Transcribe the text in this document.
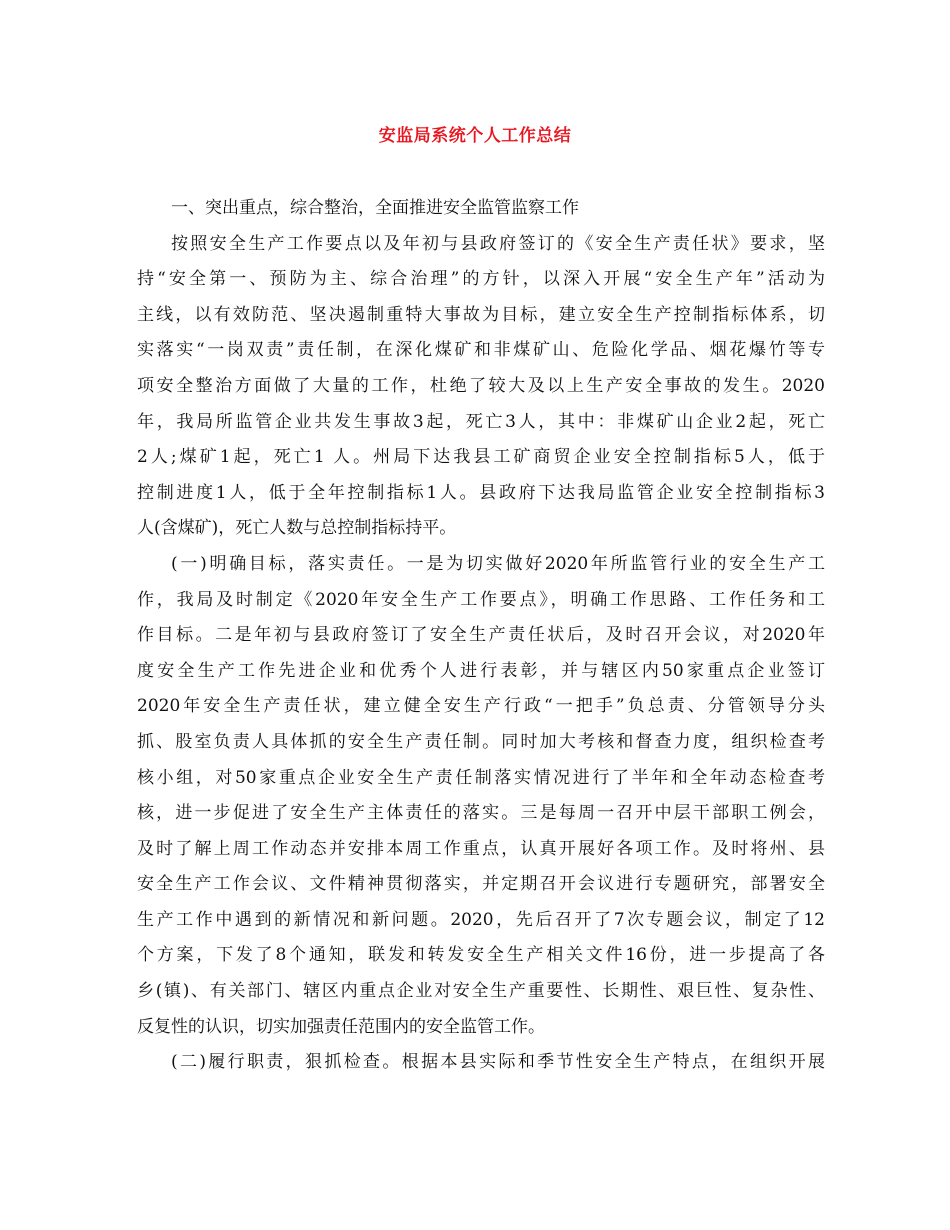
安监局系统个人工作总结
一、突出重点，综合整治，全面推进安全监管监察工作
按照安全生产工作要点以及年初与县政府签订的《安全生产责任状》要求，坚
持“安全第一、预防为主、综合治理”的方针，以深入开展“安全生产年”活动为
主线，以有效防范、坚决遏制重特大事故为目标，建立安全生产控制指标体系，切
实落实“一岗双责”责任制，在深化煤矿和非煤矿山、危险化学品、烟花爆竹等专
项安全整治方面做了大量的工作，杜绝了较大及以上生产安全事故的发生。2020
年，我局所监管企业共发生事故3起，死亡3人，其中：非煤矿山企业2起，死亡
2人;煤矿1起，死亡1 人。州局下达我县工矿商贸企业安全控制指标5人，低于
控制进度1人，低于全年控制指标1人。县政府下达我局监管企业安全控制指标3
人(含煤矿)，死亡人数与总控制指标持平。
(一)明确目标，落实责任。一是为切实做好2020年所监管行业的安全生产工
作，我局及时制定《2020年安全生产工作要点》，明确工作思路、工作任务和工
作目标。二是年初与县政府签订了安全生产责任状后，及时召开会议，对2020年
度安全生产工作先进企业和优秀个人进行表彰，并与辖区内50家重点企业签订
2020年安全生产责任状，建立健全安生产行政“一把手”负总责、分管领导分头
抓、股室负责人具体抓的安全生产责任制。同时加大考核和督查力度，组织检查考
核小组，对50家重点企业安全生产责任制落实情况进行了半年和全年动态检查考
核，进一步促进了安全生产主体责任的落实。三是每周一召开中层干部职工例会，
及时了解上周工作动态并安排本周工作重点，认真开展好各项工作。及时将州、县
安全生产工作会议、文件精神贯彻落实，并定期召开会议进行专题研究，部署安全
生产工作中遇到的新情况和新问题。2020，先后召开了7次专题会议，制定了12
个方案，下发了8个通知，联发和转发安全生产相关文件16份，进一步提高了各
乡(镇)、有关部门、辖区内重点企业对安全生产重要性、长期性、艰巨性、复杂性、
反复性的认识，切实加强责任范围内的安全监管工作。
(二)履行职责，狠抓检查。根据本县实际和季节性安全生产特点，在组织开展
